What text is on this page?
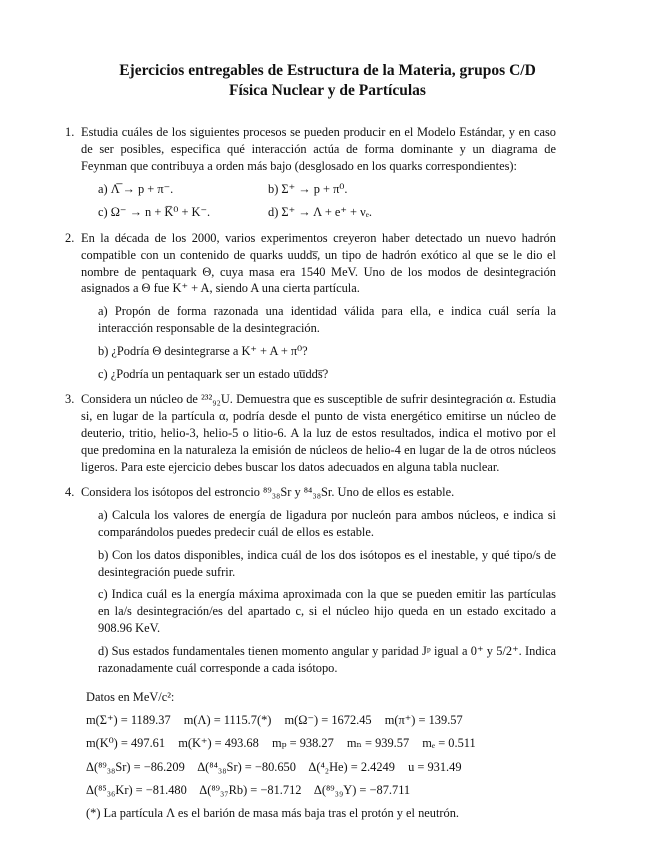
Ejercicios entregables de Estructura de la Materia, grupos C/D
Física Nuclear y de Partículas
1. Estudia cuáles de los siguientes procesos se pueden producir en el Modelo Estándar, y en caso de ser posibles, especifica qué interacción actúa de forma dominante y un diagrama de Feynman que contribuya a orden más bajo (desglosado en los quarks correspondientes):
a) Λ̅ → p + π⁻.	b) Σ⁺ → p + π⁰.
c) Ω⁻ → n + K̅⁰ + K⁻.	d) Σ⁺ → Λ + e⁺ + νₑ.
2. En la década de los 2000, varios experimentos creyeron haber detectado un nuevo hadrón compatible con un contenido de quarks uudds̅, un tipo de hadrón exótico al que se le dio el nombre de pentaquark Θ, cuya masa era 1540 MeV. Uno de los modos de desintegración asignados a Θ fue K⁺ + A, siendo A una cierta partícula.
a) Propón de forma razonada una identidad válida para ella, e indica cuál sería la interacción responsable de la desintegración.
b) ¿Podría Θ desintegrarse a K⁺ + A + π⁰?
c) ¿Podría un pentaquark ser un estado uu̅dds̅?
3. Considera un núcleo de ²³²₉₂U. Demuestra que es susceptible de sufrir desintegración α. Estudia si, en lugar de la partícula α, podría desde el punto de vista energético emitirse un núcleo de deuterio, tritio, helio-3, helio-5 o litio-6. A la luz de estos resultados, indica el motivo por el que predomina en la naturaleza la emisión de núcleos de helio-4 en lugar de la de otros núcleos ligeros. Para este ejercicio debes buscar los datos adecuados en alguna tabla nuclear.
4. Considera los isótopos del estroncio ⁸⁹₃₈Sr y ⁸⁴₃₈Sr. Uno de ellos es estable.
a) Calcula los valores de energía de ligadura por nucleón para ambos núcleos, e indica si comparándolos puedes predecir cuál de ellos es estable.
b) Con los datos disponibles, indica cuál de los dos isótopos es el inestable, y qué tipo/s de desintegración puede sufrir.
c) Indica cuál es la energía máxima aproximada con la que se pueden emitir las partículas en la/s desintegración/es del apartado c, si el núcleo hijo queda en un estado excitado a 908.96 KeV.
d) Sus estados fundamentales tienen momento angular y paridad Jᵖ igual a 0⁺ y 5/2⁺. Indica razonadamente cuál corresponde a cada isótopo.
Datos en MeV/c²:
m(Σ⁺) = 1189.37 m(Λ) = 1115.7(*) m(Ω⁻) = 1672.45 m(π⁺) = 139.57
m(K⁰) = 497.61 m(K⁺) = 493.68 mₚ = 938.27 mₙ = 939.57 mₑ = 0.511
Δ(⁸⁹₃₈Sr) = −86.209 Δ(⁸⁴₃₈Sr) = −80.650 Δ(⁴₂He) = 2.4249 u = 931.49
Δ(⁸⁵₃₆Kr) = −81.480 Δ(⁸⁹₃₇Rb) = −81.712 Δ(⁸⁹₃₉Y) = −87.711
(*) La partícula Λ es el barión de masa más baja tras el protón y el neutrón.
